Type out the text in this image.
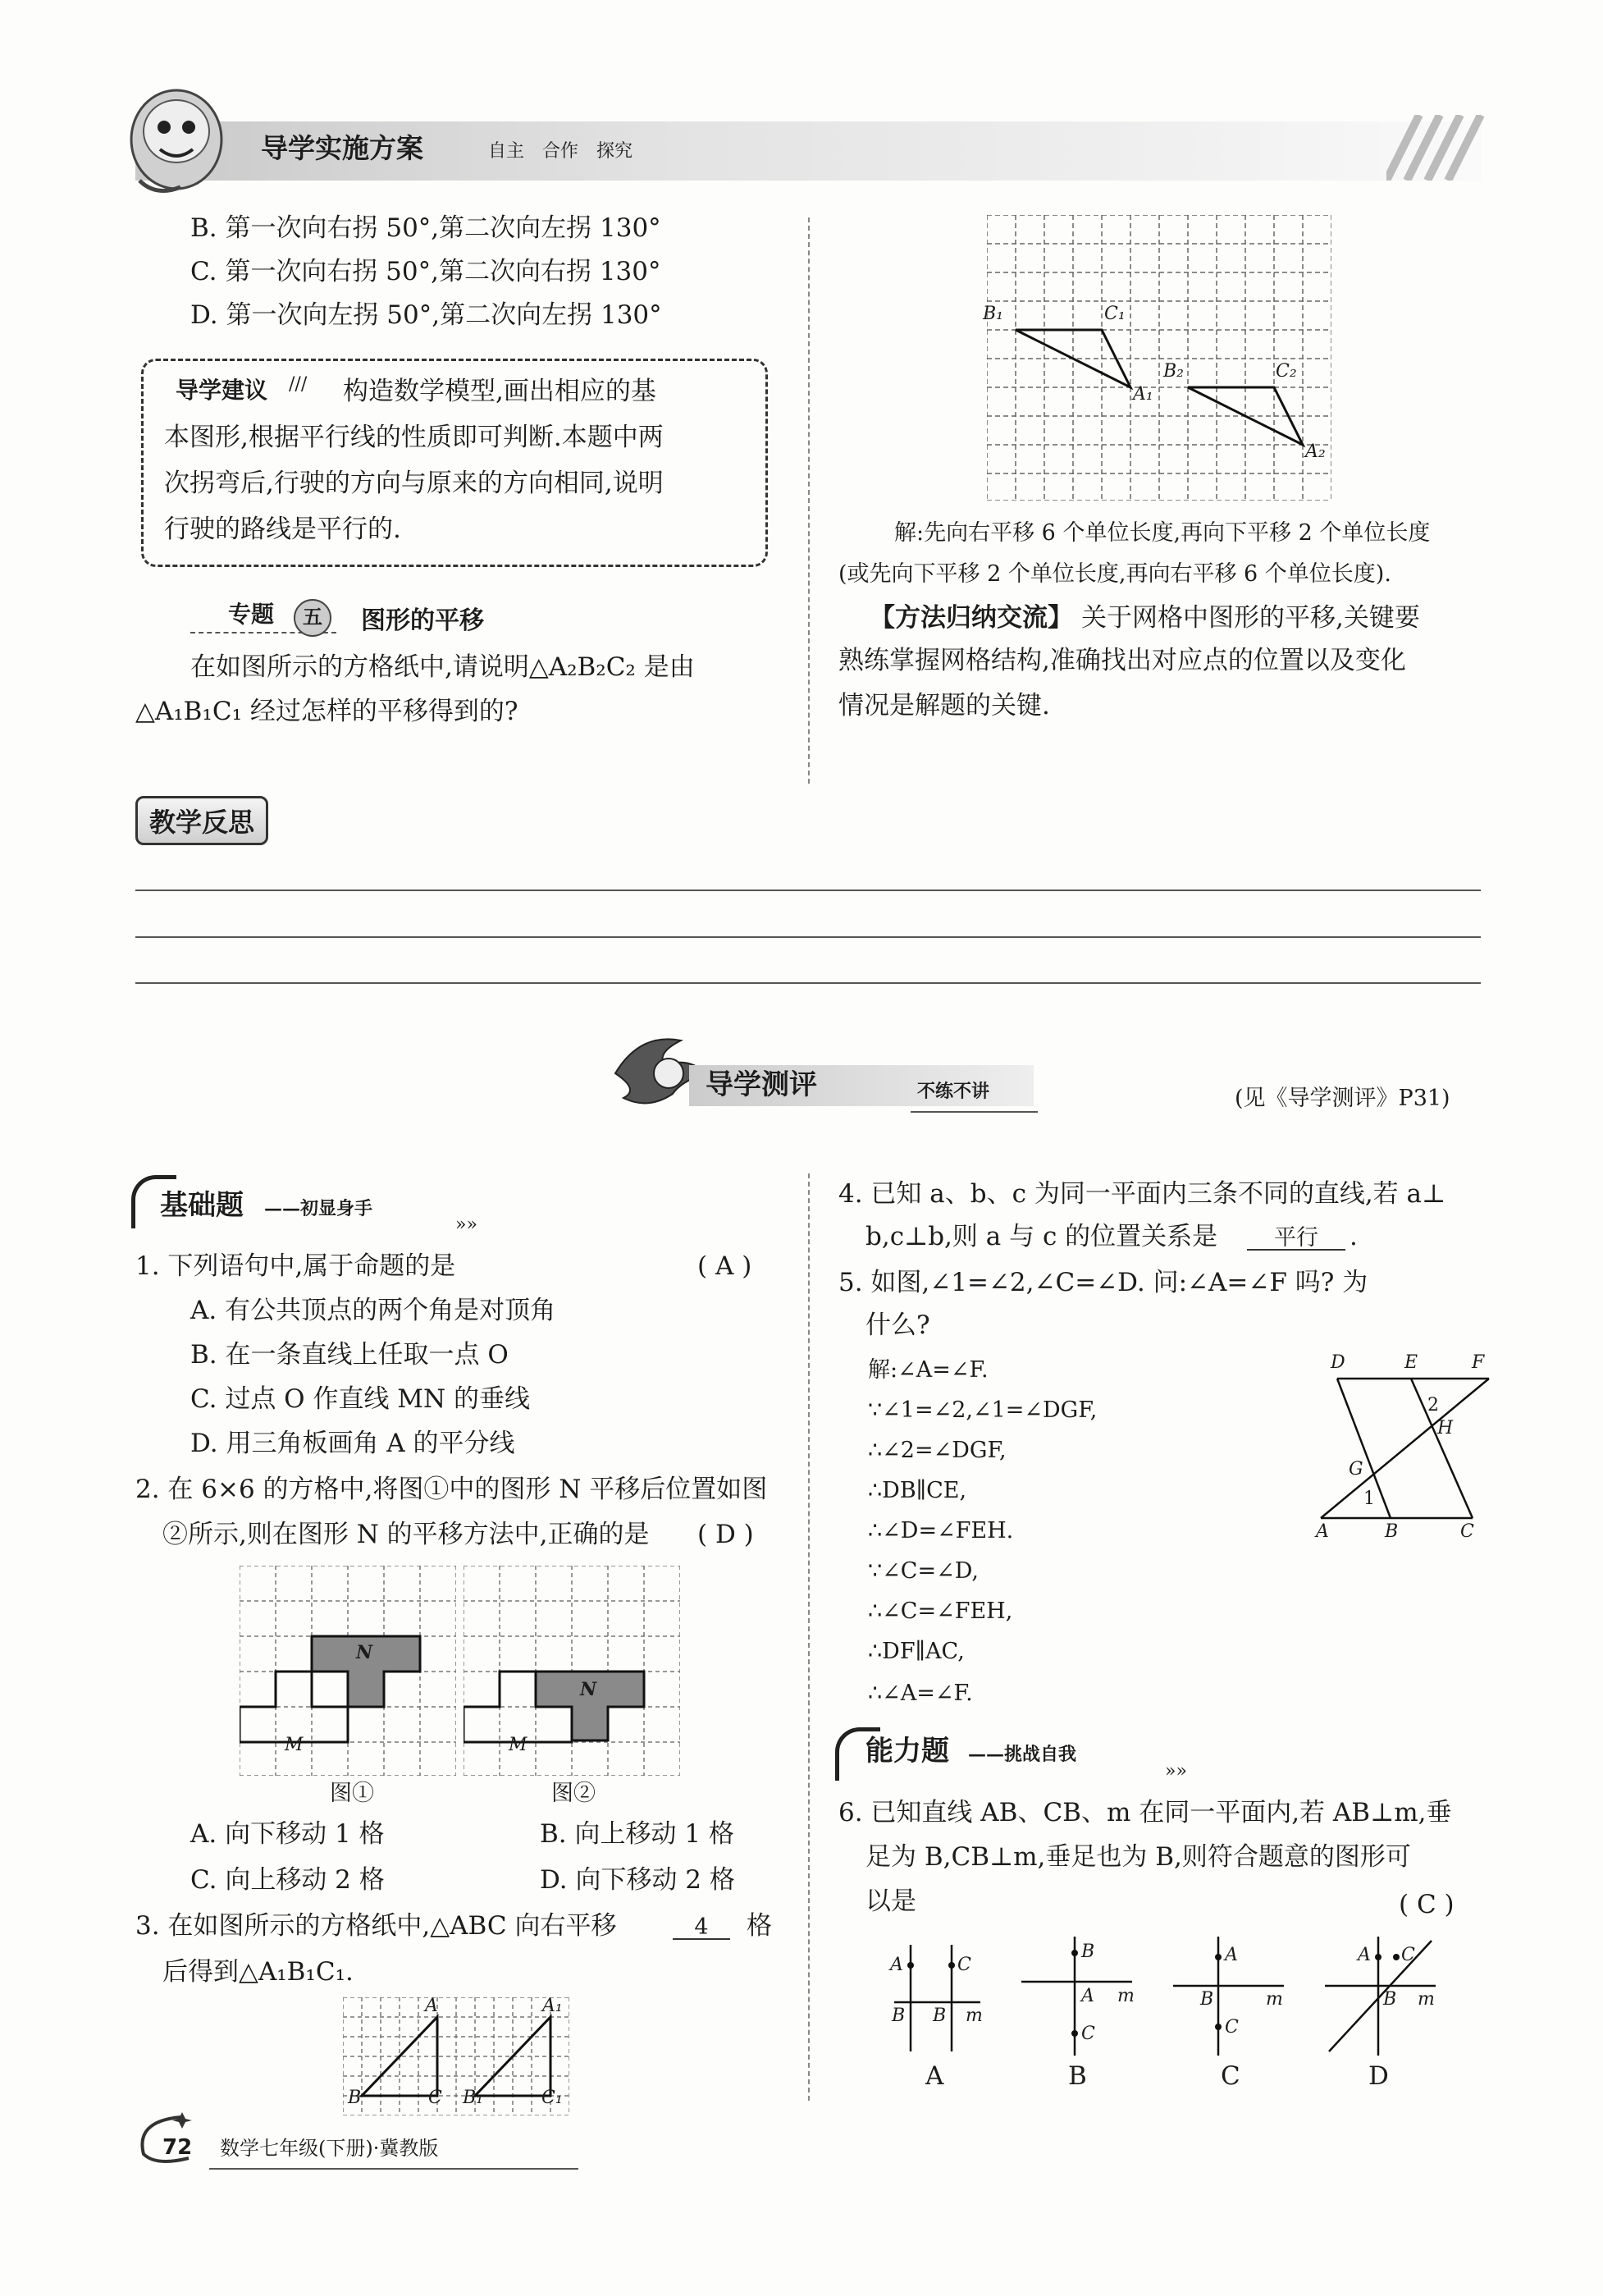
导学实施方案	自主　合作　探究
B. 第一次向右拐 50°,第二次向左拐 130°
C. 第一次向右拐 50°,第二次向右拐 130°
D. 第一次向左拐 50°,第二次向左拐 130°
导学建议 /// 构造数学模型,画出相应的基
本图形,根据平行线的性质即可判断.本题中两
次拐弯后,行驶的方向与原来的方向相同,说明
行驶的路线是平行的.
专题	五	图形的平移
在如图所示的方格纸中,请说明△A₂B₂C₂ 是由
△A₁B₁C₁ 经过怎样的平移得到的?
B₁	C₁
A₁
B₂	C₂
A₂
解:先向右平移 6 个单位长度,再向下平移 2 个单位长度
(或先向下平移 2 个单位长度,再向右平移 6 个单位长度).
【方法归纳交流】 关于网格中图形的平移,关键要
熟练掌握网格结构,准确找出对应点的位置以及变化
情况是解题的关键.
教学反思
导学测评	不练不讲	(见《导学测评》P31)
基础题 ——初显身手
»»
1. 下列语句中,属于命题的是	( A )
A. 有公共顶点的两个角是对顶角
B. 在一条直线上任取一点 O
C. 过点 O 作直线 MN 的垂线
D. 用三角板画角 A 的平分线
2. 在 6×6 的方格中,将图①中的图形 N 平移后位置如图
②所示,则在图形 N 的平移方法中,正确的是 ( D )
N
M
图①
N
M
图②
A. 向下移动 1 格	B. 向上移动 1 格
C. 向上移动 2 格	D. 向下移动 2 格
3. 在如图所示的方格纸中,△ABC 向右平移	4	格
后得到△A₁B₁C₁.
A
B	C
A₁
B₁	C₁
4. 已知 a、b、c 为同一平面内三条不同的直线,若 a⊥
b,c⊥b,则 a 与 c 的位置关系是	平行	.
5. 如图,∠1=∠2,∠C=∠D. 问:∠A=∠F 吗? 为
什么?
解:∠A=∠F.
∵∠1=∠2,∠1=∠DGF,
∴∠2=∠DGF,
∴DB∥CE,
∴∠D=∠FEH.
∵∠C=∠D,
∴∠C=∠FEH,
∴DF∥AC,
∴∠A=∠F.
D	E	F
A	B	C
G
H
1
2
能力题 ——挑战自我
»»
6. 已知直线 AB、CB、m 在同一平面内,若 AB⊥m,垂
足为 B,CB⊥m,垂足也为 B,则符合题意的图形可
以是	( C )
A	C
B B m
A
B
A
C
m
B
A
B
C
m
C
A C
B m
D
72 数学七年级(下册)·冀教版
